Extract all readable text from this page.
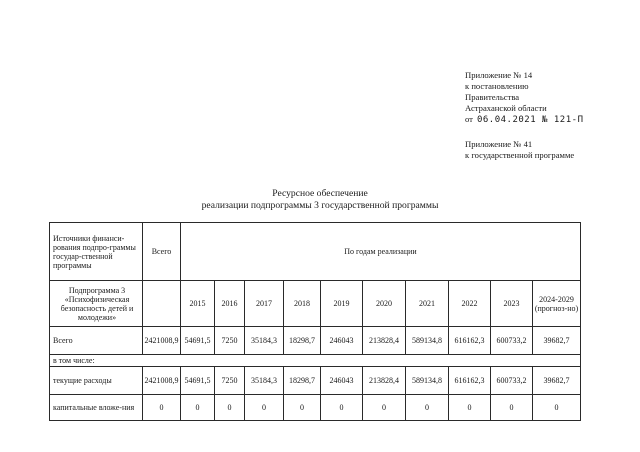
Приложение № 14
к постановлению
Правительства
Астраханской области
от 06.04.2021 № 121-П
Приложение № 41
к государственной программе
Ресурсное обеспечение
реализации подпрограммы 3 государственной программы
Источники финанси-рования подпро-граммы государ-ственной программы	Всего	По годам реализации									
Подпрограмма 3 «Психофизическая безопасность детей и молодежи»		2015	2016	2017	2018	2019	2020	2021	2022	2023	2024-2029 (прогноз-но)
Всего	2421008,9	54691,5	7250	35184,3	18298,7	246043	213828,4	589134,8	616162,3	600733,2	39682,7
в том числе:											
текущие расходы	2421008,9	54691,5	7250	35184,3	18298,7	246043	213828,4	589134,8	616162,3	600733,2	39682,7
капитальные вложе-ния	0	0	0	0	0	0	0	0	0	0	0
